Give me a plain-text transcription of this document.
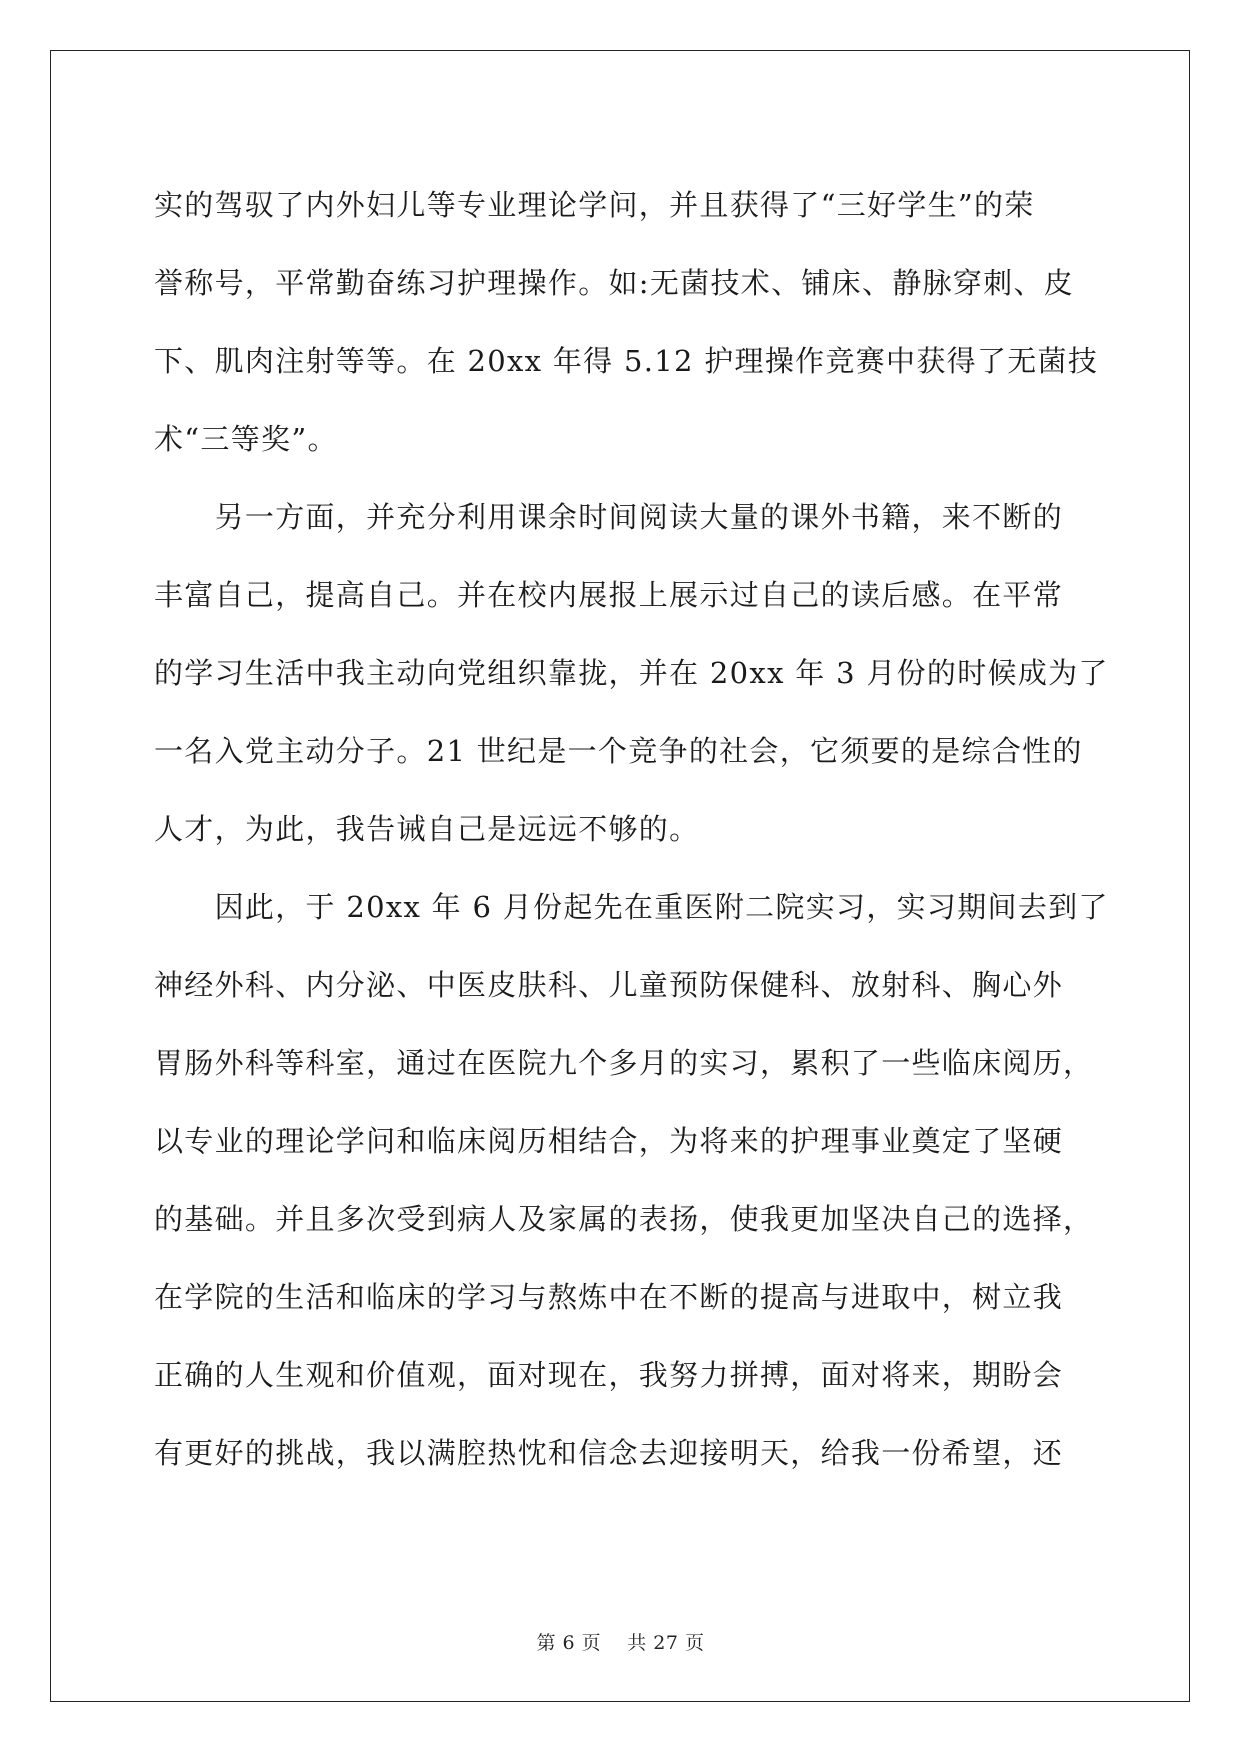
实的驾驭了内外妇儿等专业理论学问，并且获得了“三好学生”的荣
誉称号，平常勤奋练习护理操作。如:无菌技术、铺床、静脉穿刺、皮
下、肌肉注射等等。在 20xx 年得 5.12 护理操作竞赛中获得了无菌技
术“三等奖”。
　　另一方面，并充分利用课余时间阅读大量的课外书籍，来不断的
丰富自己，提高自己。并在校内展报上展示过自己的读后感。在平常
的学习生活中我主动向党组织靠拢，并在 20xx 年 3 月份的时候成为了
一名入党主动分子。21 世纪是一个竞争的社会，它须要的是综合性的
人才，为此，我告诫自己是远远不够的。
　　因此，于 20xx 年 6 月份起先在重医附二院实习，实习期间去到了
神经外科、内分泌、中医皮肤科、儿童预防保健科、放射科、胸心外
胃肠外科等科室，通过在医院九个多月的实习，累积了一些临床阅历，
以专业的理论学问和临床阅历相结合，为将来的护理事业奠定了坚硬
的基础。并且多次受到病人及家属的表扬，使我更加坚决自己的选择，
在学院的生活和临床的学习与熬炼中在不断的提高与进取中，树立我
正确的人生观和价值观，面对现在，我努力拼搏，面对将来，期盼会
有更好的挑战，我以满腔热忱和信念去迎接明天，给我一份希望，还
第 6 页　 共 27 页
